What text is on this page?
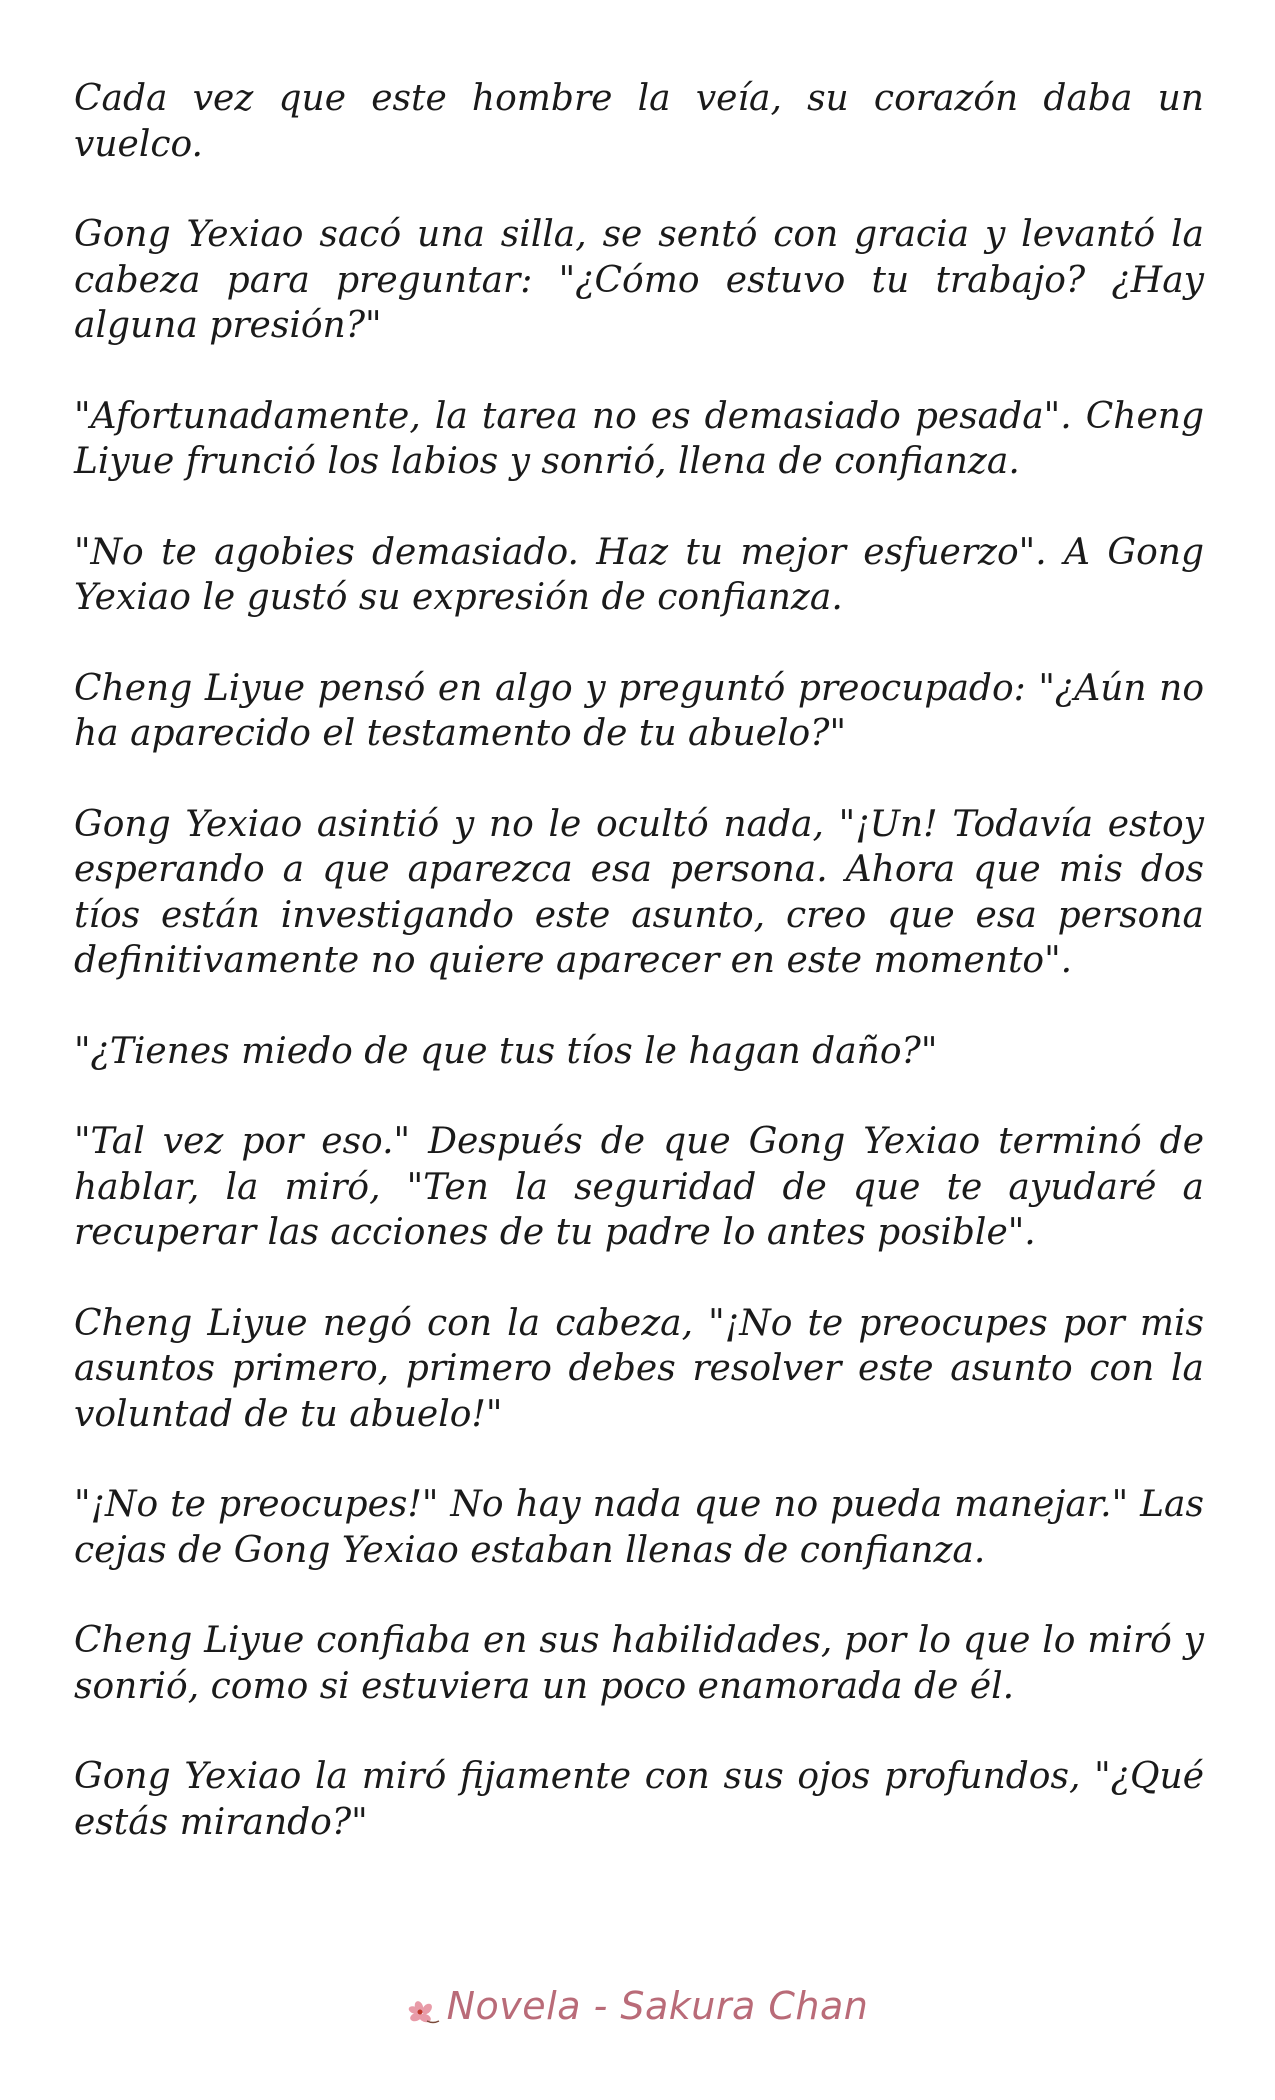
Cada vez que este hombre la veía, su corazón daba un vuelco.

Gong Yexiao sacó una silla, se sentó con gracia y levantó la cabeza para preguntar: "¿Cómo estuvo tu trabajo? ¿Hay alguna presión?"

"Afortunadamente, la tarea no es demasiado pesada". Cheng Liyue frunció los labios y sonrió, llena de confianza.

"No te agobies demasiado. Haz tu mejor esfuerzo". A Gong Yexiao le gustó su expresión de confianza.

Cheng Liyue pensó en algo y preguntó preocupado: "¿Aún no ha aparecido el testamento de tu abuelo?"

Gong Yexiao asintió y no le ocultó nada, "¡Un! Todavía estoy esperando a que aparezca esa persona. Ahora que mis dos tíos están investigando este asunto, creo que esa persona definitivamente no quiere aparecer en este momento".

"¿Tienes miedo de que tus tíos le hagan daño?"

"Tal vez por eso." Después de que Gong Yexiao terminó de hablar, la miró, "Ten la seguridad de que te ayudaré a recuperar las acciones de tu padre lo antes posible".

Cheng Liyue negó con la cabeza, "¡No te preocupes por mis asuntos primero, primero debes resolver este asunto con la voluntad de tu abuelo!"

"¡No te preocupes!" No hay nada que no pueda manejar." Las cejas de Gong Yexiao estaban llenas de confianza.

Cheng Liyue confiaba en sus habilidades, por lo que lo miró y sonrió, como si estuviera un poco enamorada de él.

Gong Yexiao la miró fijamente con sus ojos profundos, "¿Qué estás mirando?"

Novela - Sakura Chan
